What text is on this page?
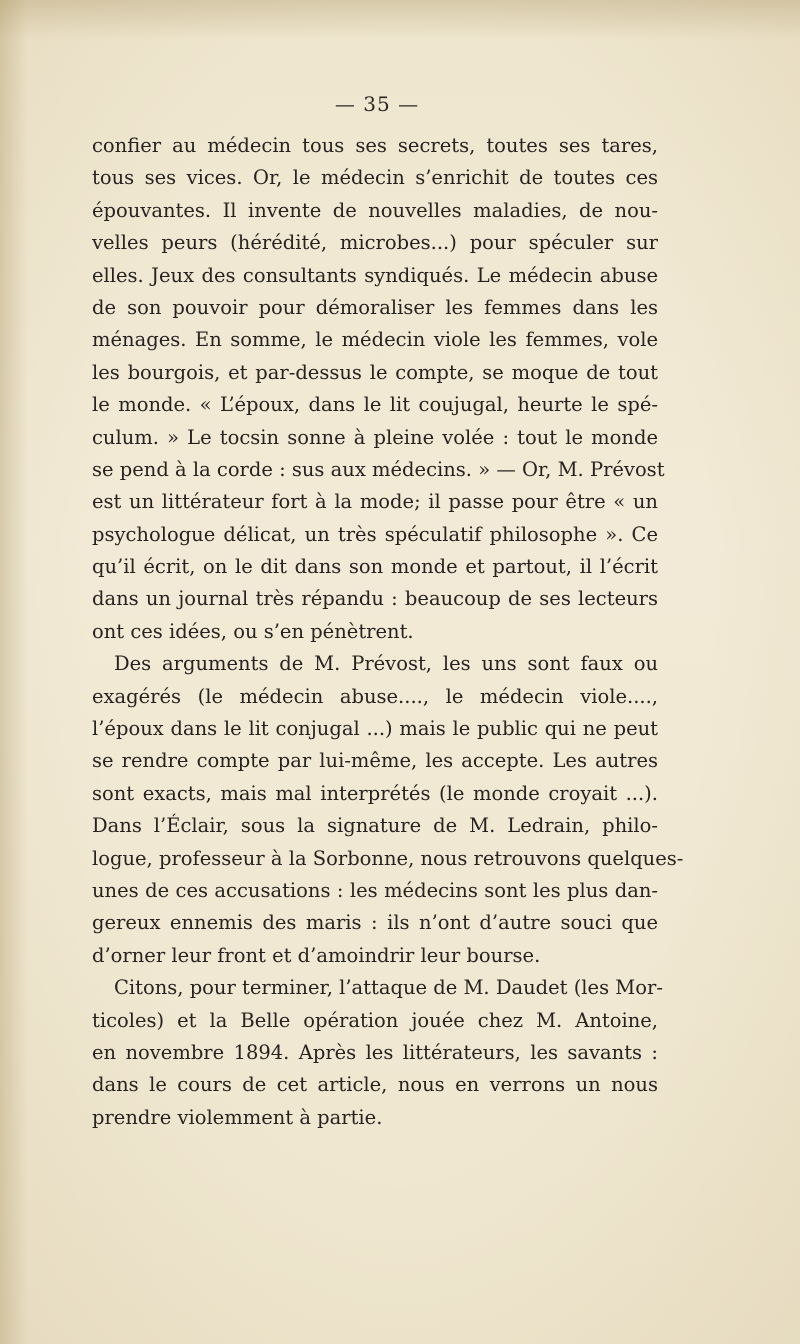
— 35 —
confier au médecin tous ses secrets, toutes ses tares,
tous ses vices. Or, le médecin s’enrichit de toutes ces
épouvantes. Il invente de nouvelles maladies, de nou-
velles peurs (hérédité, microbes...) pour spéculer sur
elles. Jeux des consultants syndiqués. Le médecin abuse
de son pouvoir pour démoraliser les femmes dans les
ménages. En somme, le médecin viole les femmes, vole
les bourgois, et par-dessus le compte, se moque de tout
le monde. « L’époux, dans le lit coujugal, heurte le spé-
culum. » Le tocsin sonne à pleine volée : tout le monde
se pend à la corde : sus aux médecins. » — Or, M. Prévost
est un littérateur fort à la mode; il passe pour être « un
psychologue délicat, un très spéculatif philosophe ». Ce
qu’il écrit, on le dit dans son monde et partout, il l’écrit
dans un journal très répandu : beaucoup de ses lecteurs
ont ces idées, ou s’en pénètrent.
Des arguments de M. Prévost, les uns sont faux ou
exagérés (le médecin abuse...., le médecin viole....,
l’époux dans le lit conjugal ...) mais le public qui ne peut
se rendre compte par lui-même, les accepte. Les autres
sont exacts, mais mal interprétés (le monde croyait ...).
Dans l’Éclair, sous la signature de M. Ledrain, philo-
logue, professeur à la Sorbonne, nous retrouvons quelques-
unes de ces accusations : les médecins sont les plus dan-
gereux ennemis des maris : ils n’ont d’autre souci que
d’orner leur front et d’amoindrir leur bourse.
Citons, pour terminer, l’attaque de M. Daudet (les Mor-
ticoles) et la Belle opération jouée chez M. Antoine,
en novembre 1894. Après les littérateurs, les savants :
dans le cours de cet article, nous en verrons un nous
prendre violemment à partie.
